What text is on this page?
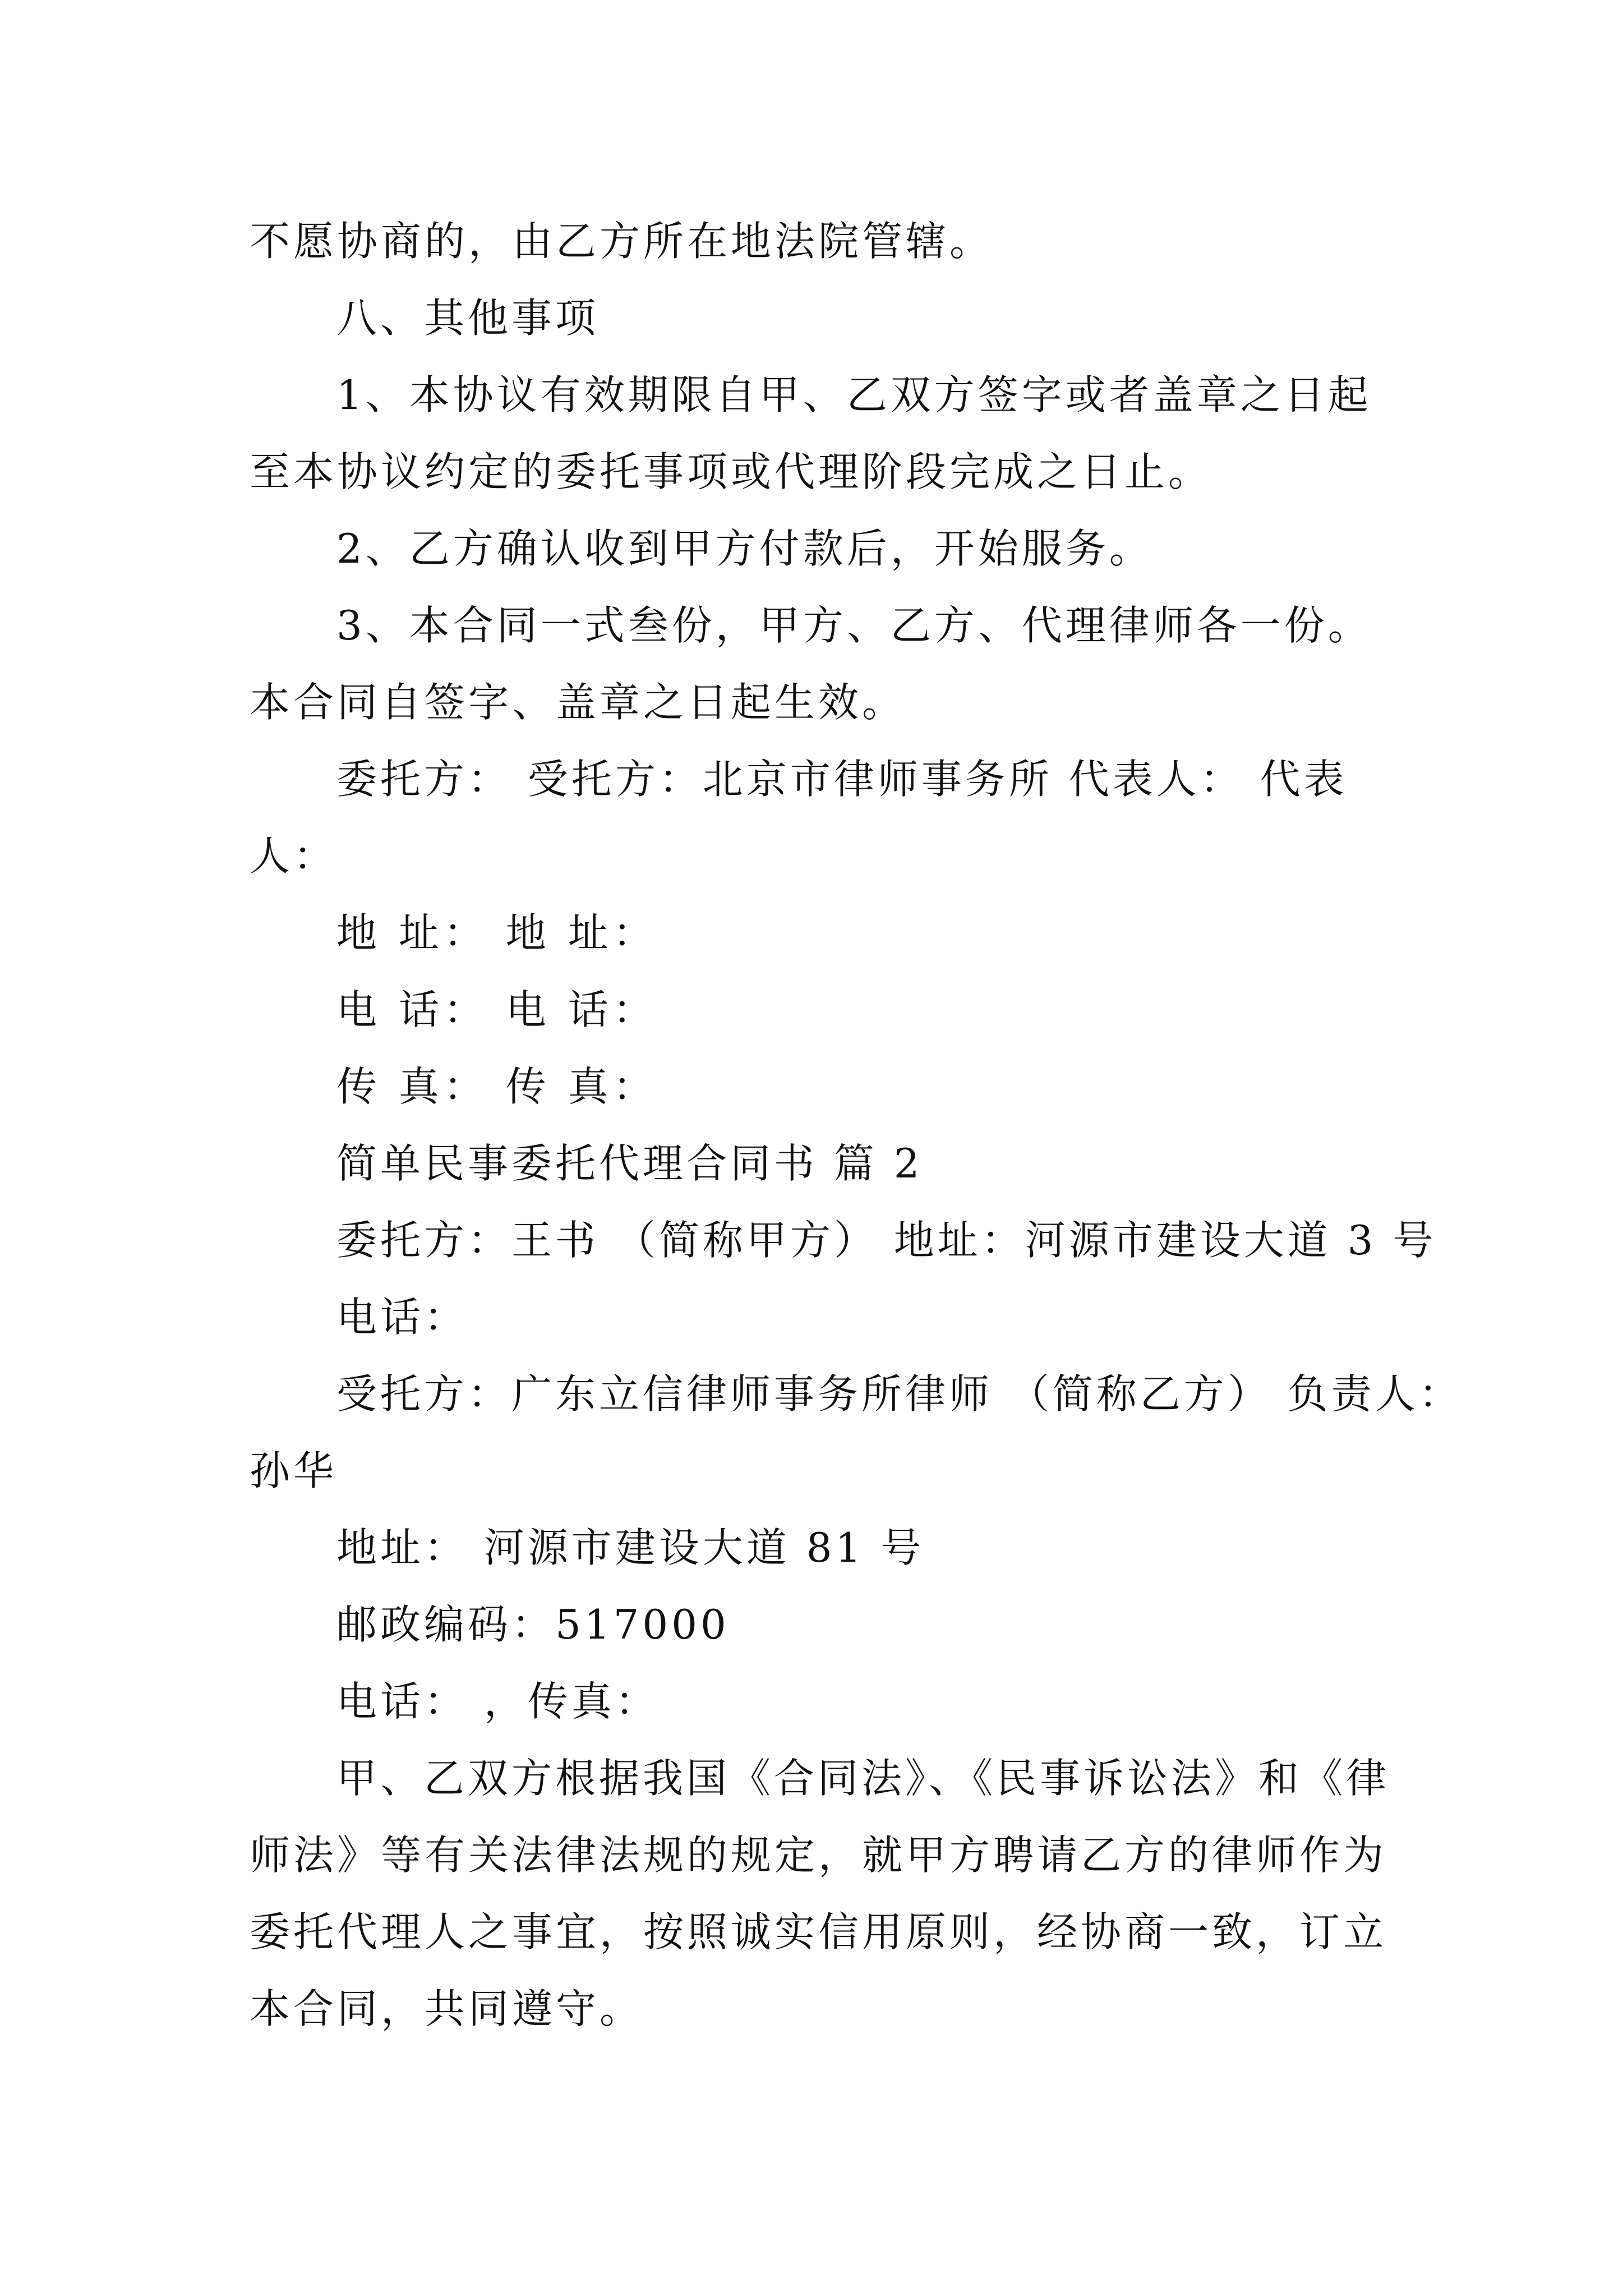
不愿协商的，由乙方所在地法院管辖。
八、其他事项
1、本协议有效期限自甲、乙双方签字或者盖章之日起
至本协议约定的委托事项或代理阶段完成之日止。
2、乙方确认收到甲方付款后，开始服务。
3、本合同一式叁份，甲方、乙方、代理律师各一份。
本合同自签字、盖章之日起生效。
委托方： 受托方：北京市律师事务所 代表人： 代表
人：
地 址： 地 址：
电 话： 电 话：
传 真： 传 真：
简单民事委托代理合同书 篇 2
委托方：王书 （简称甲方） 地址：河源市建设大道 3 号
电话：
受托方：广东立信律师事务所律师 （简称乙方） 负责人：
孙华
地址： 河源市建设大道 81 号
邮政编码：517000
电话： ，传真：
甲、乙双方根据我国《合同法》、《民事诉讼法》和《律
师法》等有关法律法规的规定，就甲方聘请乙方的律师作为
委托代理人之事宜，按照诚实信用原则，经协商一致，订立
本合同，共同遵守。
